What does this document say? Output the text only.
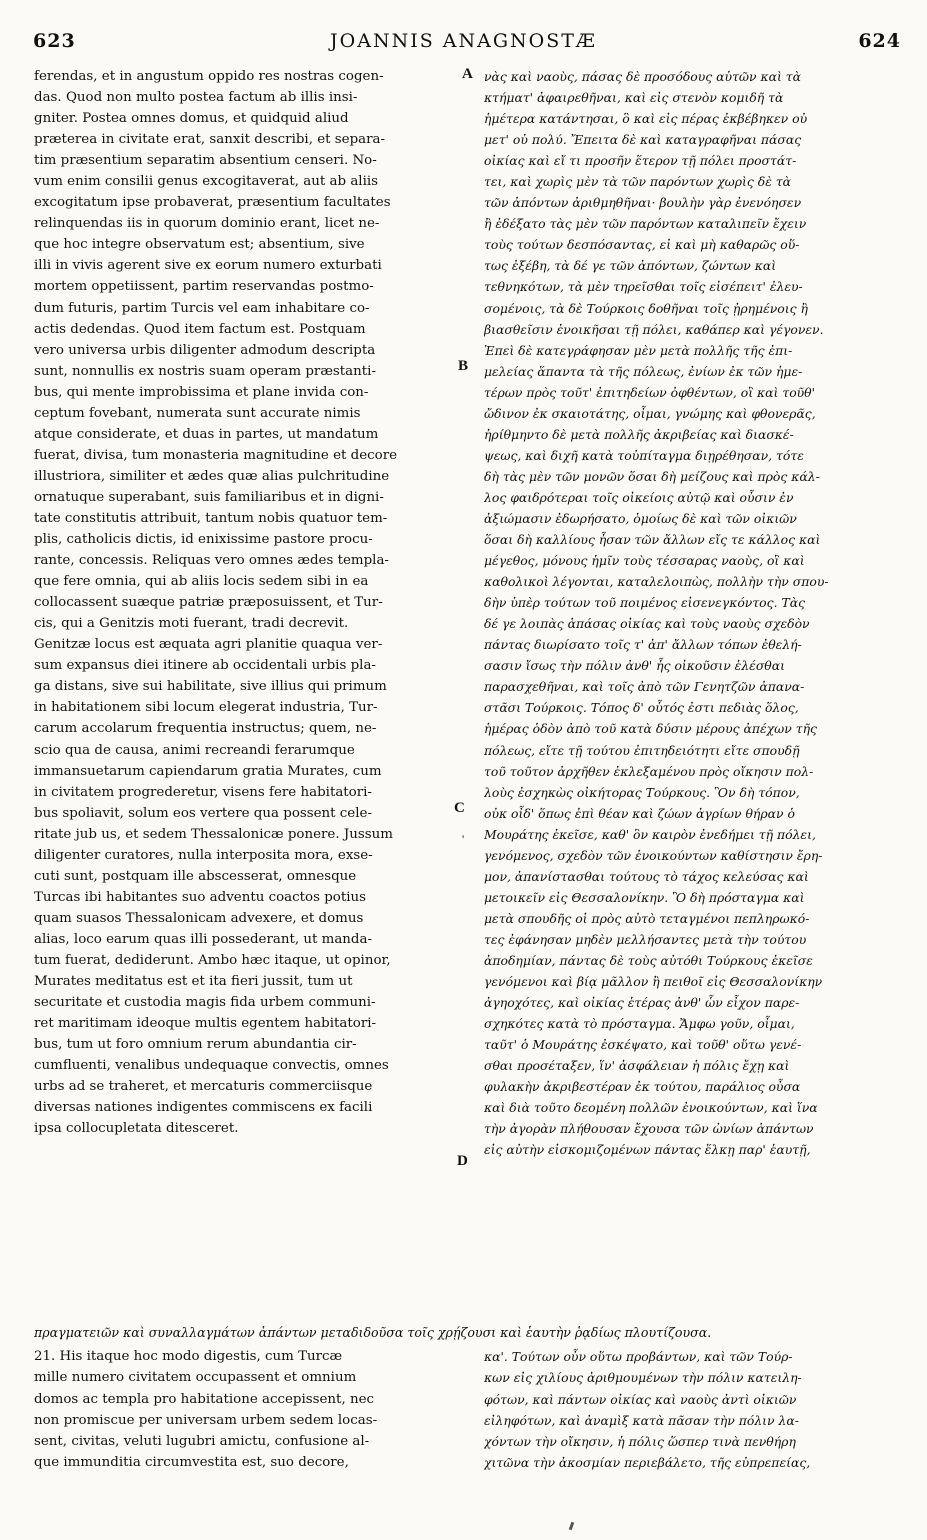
623	JOANNIS ANAGNOSTÆ	624

ferendas, et in angustum oppido res nostras cogen-

das. Quod non multo postea factum ab illis insi-

gniter. Postea omnes domus, et quidquid aliud

præterea in civitate erat, sanxit describi, et separa-

tim præsentium separatim absentium censeri. No-

vum enim consilii genus excogitaverat, aut ab aliis

excogitatum ipse probaverat, præsentium facultates

relinquendas iis in quorum dominio erant, licet ne-

que hoc integre observatum est; absentium, sive

illi in vivis agerent sive ex eorum numero exturbati

mortem oppetiissent, partim reservandas postmo-

dum futuris, partim Turcis vel eam inhabitare co-

actis dedendas. Quod item factum est. Postquam

vero universa urbis diligenter admodum descripta

sunt, nonnullis ex nostris suam operam præstanti-

bus, qui mente improbissima et plane invida con-

ceptum fovebant, numerata sunt accurate nimis

atque considerate, et duas in partes, ut mandatum

fuerat, divisa, tum monasteria magnitudine et decore

illustriora, similiter et ædes quæ alias pulchritudine

ornatuque superabant, suis familiaribus et in digni-

tate constitutis attribuit, tantum nobis quatuor tem-

plis, catholicis dictis, id enixissime pastore procu-

rante, concessis. Reliquas vero omnes ædes templa-

que fere omnia, qui ab aliis locis sedem sibi in ea

collocassent suæque patriæ præposuissent, et Tur-

cis, qui a Genitzis moti fuerant, tradi decrevit.

Genitzæ locus est æquata agri planitie quaqua ver-

sum expansus diei itinere ab occidentali urbis pla-

ga distans, sive sui habilitate, sive illius qui primum

in habitationem sibi locum elegerat industria, Tur-

carum accolarum frequentia instructus; quem, ne-

scio qua de causa, animi recreandi ferarumque

immansuetarum capiendarum gratia Murates, cum

in civitatem progrederetur, visens fere habitatori-

bus spoliavit, solum eos vertere qua possent cele-

ritate jub us, et sedem Thessalonicæ ponere. Jussum

diligenter curatores, nulla interposita mora, exse-

cuti sunt, postquam ille abscesserat, omnesque

Turcas ibi habitantes suo adventu coactos potius

quam suasos Thessalonicam advexere, et domus

alias, loco earum quas illi possederant, ut manda-

tum fuerat, dediderunt. Ambo hæc itaque, ut opinor,

Murates meditatus est et ita fieri jussit, tum ut

securitate et custodia magis fida urbem communi-

ret maritimam ideoque multis egentem habitatori-

bus, tum ut foro omnium rerum abundantia cir-

cumfluenti, venalibus undequaque convectis, omnes

urbs ad se traheret, et mercaturis commerciisque

diversas nationes indigentes commiscens ex facili

ipsa collocupletata ditesceret.

νὰς καὶ ναοὺς, πάσας δὲ προσόδους αὐτῶν καὶ τὰ

κτήματ' ἀφαιρεθῆναι, καὶ εἰς στενὸν κομιδῆ τὰ

ἡμέτερα κατάντησαι, ὃ καὶ εἰς πέρας ἐκβέβηκεν οὐ

μετ' οὐ πολύ. Ἔπειτα δὲ καὶ καταγραφῆναι πάσας

οἰκίας καὶ εἴ τι προσῆν ἕτερον τῇ πόλει προστάτ-

τει, καὶ χωρὶς μὲν τὰ τῶν παρόντων χωρὶς δὲ τὰ

τῶν ἀπόντων ἀριθμηθῆναι· βουλὴν γὰρ ἐνενόησεν

ἢ ἐδέξατο τὰς μὲν τῶν παρόντων καταλιπεῖν ἔχειν

τοὺς τούτων δεσπόσαντας, εἰ καὶ μὴ καθαρῶς οὕ-

τως ἐξέβη, τὰ δέ γε τῶν ἀπόντων, ζώντων καὶ

τεθνηκότων, τὰ μὲν τηρεῖσθαι τοῖς εἰσέπειτ' ἐλευ-

σομένοις, τὰ δὲ Τούρκοις δοθῆναι τοῖς ᾐρημένοις ἢ

βιασθεῖσιν ἐνοικῆσαι τῇ πόλει, καθάπερ καὶ γέγονεν.

Ἐπεὶ δὲ κατεγράφησαν μὲν μετὰ πολλῆς τῆς ἐπι-

μελείας ἅπαντα τὰ τῆς πόλεως, ἐνίων ἐκ τῶν ἡμε-

τέρων πρὸς τοῦτ' ἐπιτηδείων ὀφθέντων, οἳ καὶ τοῦθ'

ὤδινον ἐκ σκαιοτάτης, οἶμαι, γνώμης καὶ φθονερᾶς,

ἠρίθμηντο δὲ μετὰ πολλῆς ἀκριβείας καὶ διασκέ-

ψεως, καὶ διχῆ κατὰ τοὐπίταγμα διῃρέθησαν, τότε

δὴ τὰς μὲν τῶν μονῶν ὅσαι δὴ μείζους καὶ πρὸς κάλ-

λος φαιδρότεραι τοῖς οἰκείοις αὐτῷ καὶ οὖσιν ἐν

ἀξιώμασιν ἐδωρήσατο, ὁμοίως δὲ καὶ τῶν οἰκιῶν

ὅσαι δὴ καλλίους ἦσαν τῶν ἄλλων εἴς τε κάλλος καὶ

μέγεθος, μόνους ἡμῖν τοὺς τέσσαρας ναοὺς, οἳ καὶ

καθολικοὶ λέγονται, καταλελοιπὼς, πολλὴν τὴν σπου-

δὴν ὑπὲρ τούτων τοῦ ποιμένος εἰσενεγκόντος. Τὰς

δέ γε λοιπὰς ἁπάσας οἰκίας καὶ τοὺς ναοὺς σχεδὸν

πάντας διωρίσατο τοῖς τ' ἀπ' ἄλλων τόπων ἐθελή-

σασιν ἴσως τὴν πόλιν ἀνθ' ἧς οἰκοῦσιν ἑλέσθαι

παρασχεθῆναι, καὶ τοῖς ἀπὸ τῶν Γενητζῶν ἀπανα-

στᾶσι Τούρκοις. Τόπος δ' οὗτός ἐστι πεδιὰς ὅλος,

ἡμέρας ὁδὸν ἀπὸ τοῦ κατὰ δύσιν μέρους ἀπέχων τῆς

πόλεως, εἴτε τῇ τούτου ἐπιτηδειότητι εἴτε σπουδῇ

τοῦ τοῦτον ἀρχῆθεν ἐκλεξαμένου πρὸς οἴκησιν πολ-

λοὺς ἐσχηκὼς οἰκήτορας Τούρκους. Ὃν δὴ τόπον,

οὐκ οἶδ' ὅπως ἐπὶ θέαν καὶ ζώων ἀγρίων θήραν ὁ

Μουράτης ἐκεῖσε, καθ' ὃν καιρὸν ἐνεδήμει τῇ πόλει,

γενόμενος, σχεδὸν τῶν ἐνοικούντων καθίστησιν ἔρη-

μον, ἀπανίστασθαι τούτους τὸ τάχος κελεύσας καὶ

μετοικεῖν εἰς Θεσσαλονίκην. Ὃ δὴ πρόσταγμα καὶ

μετὰ σπουδῆς οἱ πρὸς αὐτὸ τεταγμένοι πεπληρωκό-

τες ἐφάνησαν μηδὲν μελλήσαντες μετὰ τὴν τούτου

ἀποδημίαν, πάντας δὲ τοὺς αὐτόθι Τούρκους ἐκεῖσε

γενόμενοι καὶ βίᾳ μᾶλλον ἢ πειθοῖ εἰς Θεσσαλονίκην

ἀγηοχότες, καὶ οἰκίας ἑτέρας ἀνθ' ὧν εἶχον παρε-

σχηκότες κατὰ τὸ πρόσταγμα. Ἄμφω γοῦν, οἶμαι,

ταῦτ' ὁ Μουράτης ἐσκέψατο, καὶ τοῦθ' οὕτω γενέ-

σθαι προσέταξεν, ἵν' ἀσφάλειαν ἡ πόλις ἔχῃ καὶ

φυλακὴν ἀκριβεστέραν ἐκ τούτου, παράλιος οὖσα

καὶ διὰ τοῦτο δεομένη πολλῶν ἐνοικούντων, καὶ ἵνα

τὴν ἀγορὰν πλήθουσαν ἔχουσα τῶν ὠνίων ἁπάντων

εἰς αὐτὴν εἰσκομιζομένων πάντας ἕλκῃ παρ' ἑαυτῇ,

A
B
C
'
D
πραγματειῶν καὶ συναλλαγμάτων ἁπάντων μεταδιδοῦσα τοῖς χρῄζουσι καὶ ἑαυτὴν ῥᾳδίως πλουτίζουσα.

21. His itaque hoc modo digestis, cum Turcæ

mille numero civitatem occupassent et omnium

domos ac templa pro habitatione accepissent, nec

non promiscue per universam urbem sedem locas-

sent, civitas, veluti lugubri amictu, confusione al-

que immunditia circumvestita est, suo decore,

κα'. Τούτων οὖν οὕτω προβάντων, καὶ τῶν Τούρ-

κων εἰς χιλίους ἀριθμουμένων τὴν πόλιν κατειλη-

φότων, καὶ πάντων οἰκίας καὶ ναοὺς ἀντὶ οἰκιῶν

εἰληφότων, καὶ ἀναμὶξ κατὰ πᾶσαν τὴν πόλιν λα-

χόντων τὴν οἴκησιν, ἡ πόλις ὥσπερ τινὰ πενθήρη

χιτῶνα τὴν ἀκοσμίαν περιεβάλετο, τῆς εὐπρεπείας,
